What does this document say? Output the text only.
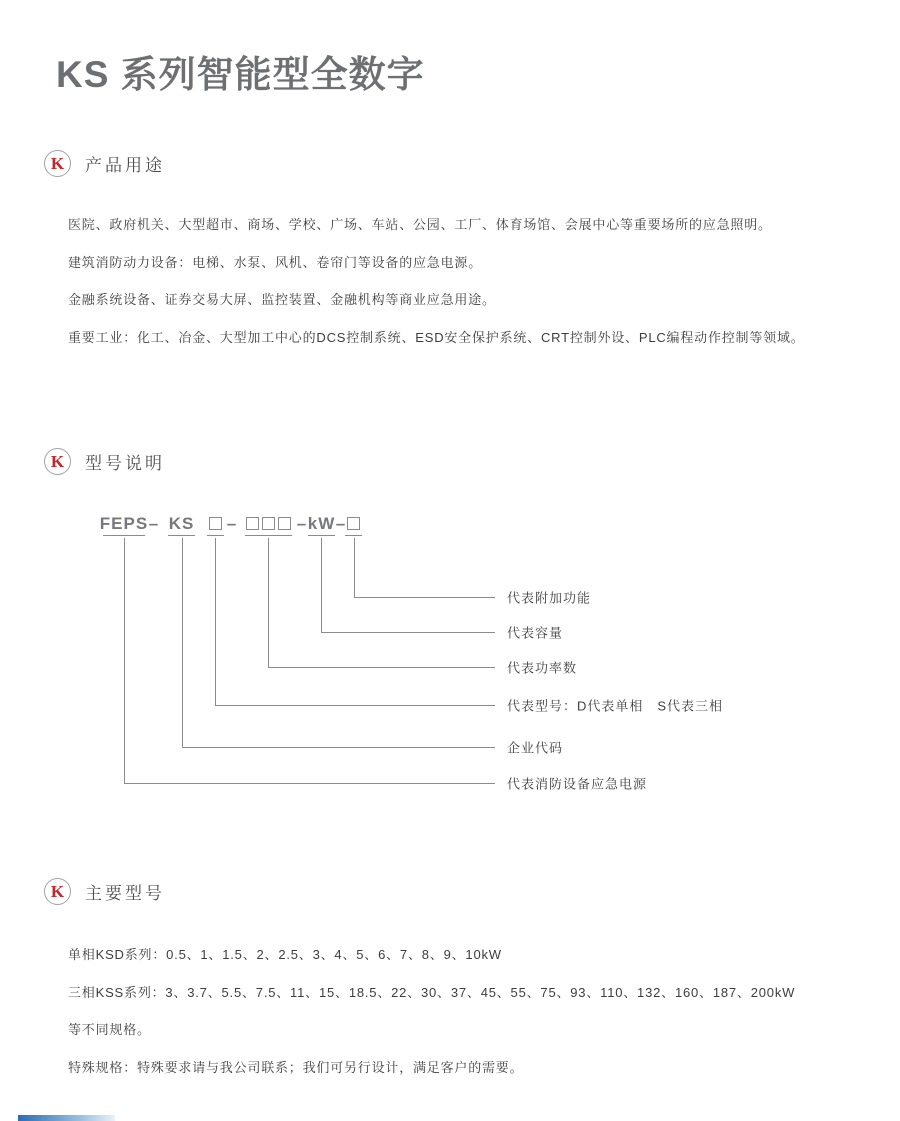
KS 系列智能型全数字
K	产品用途

医院、政府机关、大型超市、商场、学校、广场、车站、公园、工厂、体育场馆、会展中心等重要场所的应急照明。

建筑消防动力设备：电梯、水泵、风机、卷帘门等设备的应急电源。

金融系统设备、证券交易大屏、监控装置、金融机构等商业应急用途。

重要工业：化工、冶金、大型加工中心的DCS控制系统、ESD安全保护系统、CRT控制外设、PLC编程动作控制等领域。

K	型号说明
FEPS – KS –	– kW –
代表附加功能
代表容量
代表功率数
代表型号：D代表单相　S代表三相
企业代码
代表消防设备应急电源
K	主要型号

单相KSD系列：0.5、1、1.5、2、2.5、3、4、5、6、7、8、9、10kW

三相KSS系列：3、3.7、5.5、7.5、11、15、18.5、22、30、37、45、55、75、93、110、132、160、187、200kW

等不同规格。

特殊规格：特殊要求请与我公司联系；我们可另行设计，满足客户的需要。
